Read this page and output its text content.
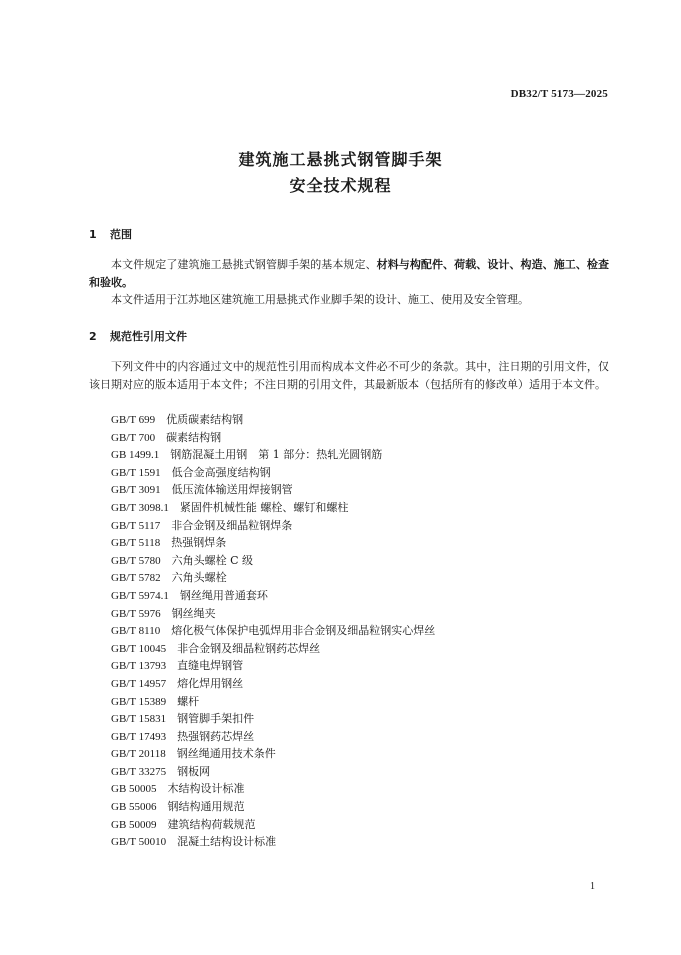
DB32/T 5173—2025
建筑施工悬挑式钢管脚手架
安全技术规程
1 范围
本文件规定了建筑施工悬挑式钢管脚手架的基本规定、材料与构配件、荷载、设计、构造、施工、检查和验收。
本文件适用于江苏地区建筑施工用悬挑式作业脚手架的设计、施工、使用及安全管理。
2 规范性引用文件
下列文件中的内容通过文中的规范性引用而构成本文件必不可少的条款。其中，注日期的引用文件，仅该日期对应的版本适用于本文件；不注日期的引用文件，其最新版本（包括所有的修改单）适用于本文件。
GB/T 699 优质碳素结构钢
GB/T 700 碳素结构钢
GB 1499.1 钢筋混凝土用钢　第 1 部分：热轧光圆钢筋
GB/T 1591 低合金高强度结构钢
GB/T 3091 低压流体输送用焊接钢管
GB/T 3098.1 紧固件机械性能 螺栓、螺钉和螺柱
GB/T 5117 非合金钢及细晶粒钢焊条
GB/T 5118 热强钢焊条
GB/T 5780 六角头螺栓 C 级
GB/T 5782 六角头螺栓
GB/T 5974.1 钢丝绳用普通套环
GB/T 5976 钢丝绳夹
GB/T 8110 熔化极气体保护电弧焊用非合金钢及细晶粒钢实心焊丝
GB/T 10045 非合金钢及细晶粒钢药芯焊丝
GB/T 13793 直缝电焊钢管
GB/T 14957 熔化焊用钢丝
GB/T 15389 螺杆
GB/T 15831 钢管脚手架扣件
GB/T 17493 热强钢药芯焊丝
GB/T 20118 钢丝绳通用技术条件
GB/T 33275 钢板网
GB 50005 木结构设计标准
GB 55006 钢结构通用规范
GB 50009 建筑结构荷载规范
GB/T 50010 混凝土结构设计标准
1
